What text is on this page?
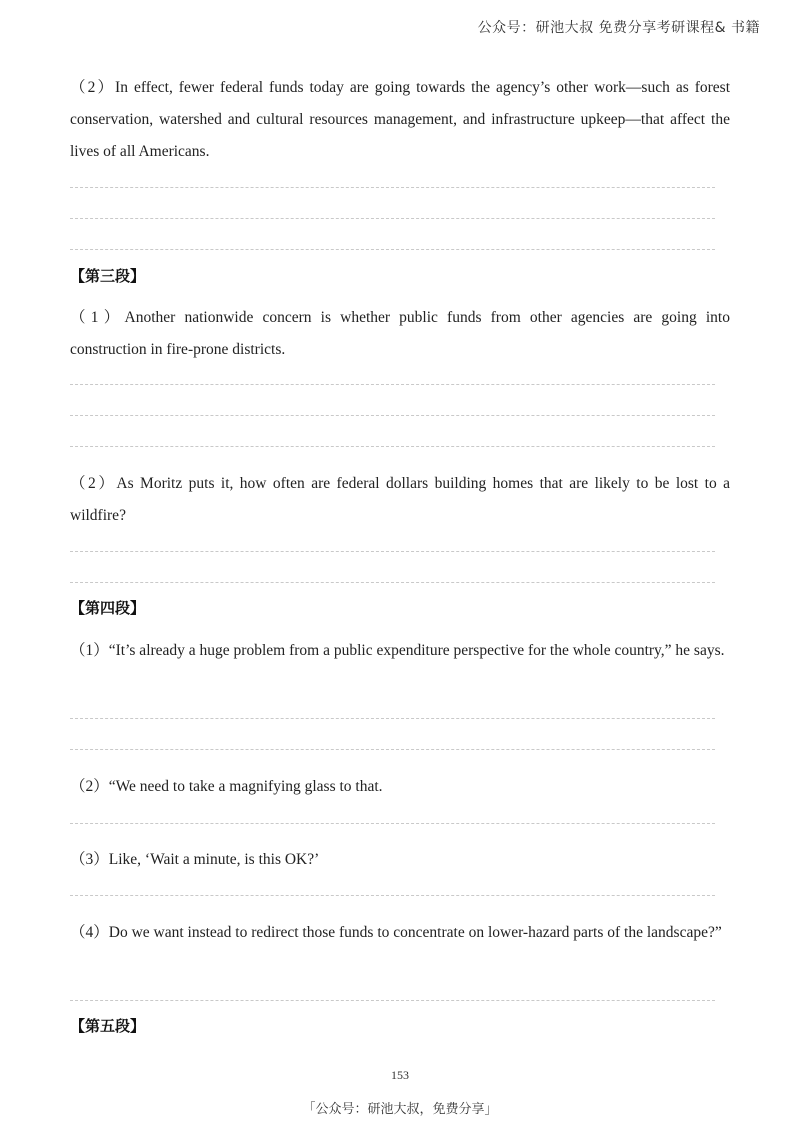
公众号：研池大叔 免费分享考研课程& 书籍
（2）In effect, fewer federal funds today are going towards the agency’s other work—such as forest conservation, watershed and cultural resources management, and infrastructure upkeep—that affect the lives of all Americans.
【第三段】
（1）Another nationwide concern is whether public funds from other agencies are going into construction in fire-prone districts.
（2）As Moritz puts it, how often are federal dollars building homes that are likely to be lost to a wildfire?
【第四段】
（1）“It’s already a huge problem from a public expenditure perspective for the whole country,” he says.
（2）“We need to take a magnifying glass to that.
（3）Like, ‘Wait a minute, is this OK?’
（4）Do we want instead to redirect those funds to concentrate on lower-hazard parts of the landscape?”
【第五段】
153
「公众号：研池大叔，免费分享」
